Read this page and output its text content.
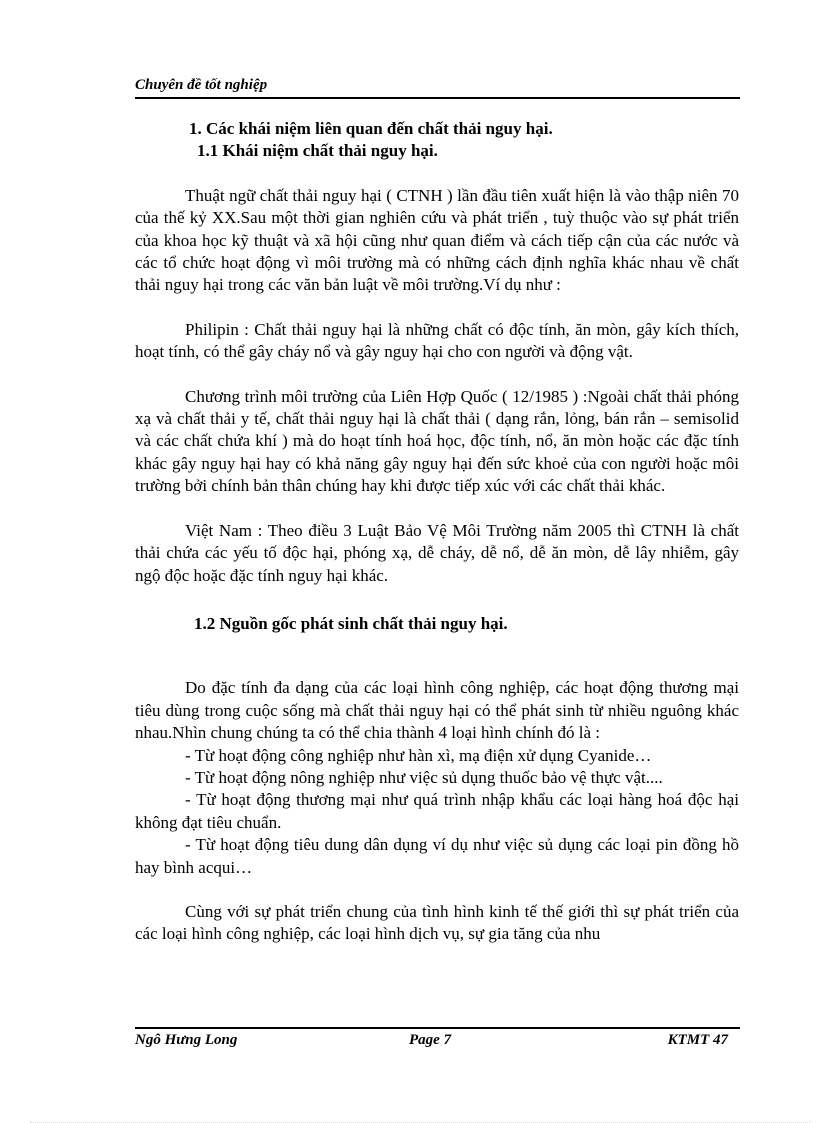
Chuyên đề tốt nghiệp

1. Các khái niệm liên quan đến chất thải nguy hại.

1.1 Khái niệm chất thải nguy hại.

Thuật ngữ chất thải nguy hại ( CTNH ) lần đầu tiên xuất hiện là vào thập niên 70 của thế kỷ XX.Sau một thời gian nghiên cứu và phát triển , tuỳ thuộc vào sự phát triển của khoa học kỹ thuật và xã hội cũng như quan điểm và cách tiếp cận của các nước và các tổ chức hoạt động vì môi trường mà có những cách định nghĩa khác nhau về chất thải nguy hại trong các văn bản luật về môi trường.Ví dụ như :

Philipin : Chất thải nguy hại là những chất có độc tính, ăn mòn, gây kích thích, hoạt tính, có thể gây cháy nổ và gây nguy hại cho con người và động vật.

Chương trình môi trường của Liên Hợp Quốc ( 12/1985 ) :Ngoài chất thải phóng xạ và chất thải y tế, chất thải nguy hại là chất thải ( dạng rắn, lỏng, bán rắn – semisolid và các chất chứa khí ) mà do hoạt tính hoá học, độc tính, nổ, ăn mòn hoặc các đặc tính khác gây nguy hại hay có khả năng gây nguy hại đến sức khoẻ của con người hoặc môi trường bởi chính bản thân chúng hay khi được tiếp xúc với các chất thải khác.

Việt Nam : Theo điều 3 Luật Bảo Vệ Môi Trường năm 2005 thì CTNH là chất thải chứa các yếu tố độc hại, phóng xạ, dễ cháy, dễ nổ, dễ ăn mòn, dễ lây nhiễm, gây ngộ độc hoặc đặc tính nguy hại khác.

1.2 Nguồn gốc phát sinh chất thải nguy hại.

Do đặc tính đa dạng của các loại hình công nghiệp, các hoạt động thương mại tiêu dùng trong cuộc sống mà chất thải nguy hại có thể phát sinh từ nhiều nguông khác nhau.Nhìn chung chúng ta có thể chia thành 4 loại hình chính đó là :

- Từ hoạt động công nghiệp như hàn xì, mạ điện xử dụng Cyanide…

- Từ hoạt động nông nghiệp như việc sủ dụng thuốc bảo vệ thực vật....

- Từ hoạt động thương mại như quá trình nhập khẩu các loại hàng hoá độc hại không đạt tiêu chuẩn.

- Từ hoạt động tiêu dung dân dụng ví dụ như việc sủ dụng các loại pin đồng hồ hay bình acqui…

Cùng với sự phát triển chung của tình hình kinh tế thế giới thì sự phát triển của các loại hình công nghiệp, các loại hình dịch vụ, sự gia tăng của nhu

Ngô Hưng Long	Page 7	KTMT 47
